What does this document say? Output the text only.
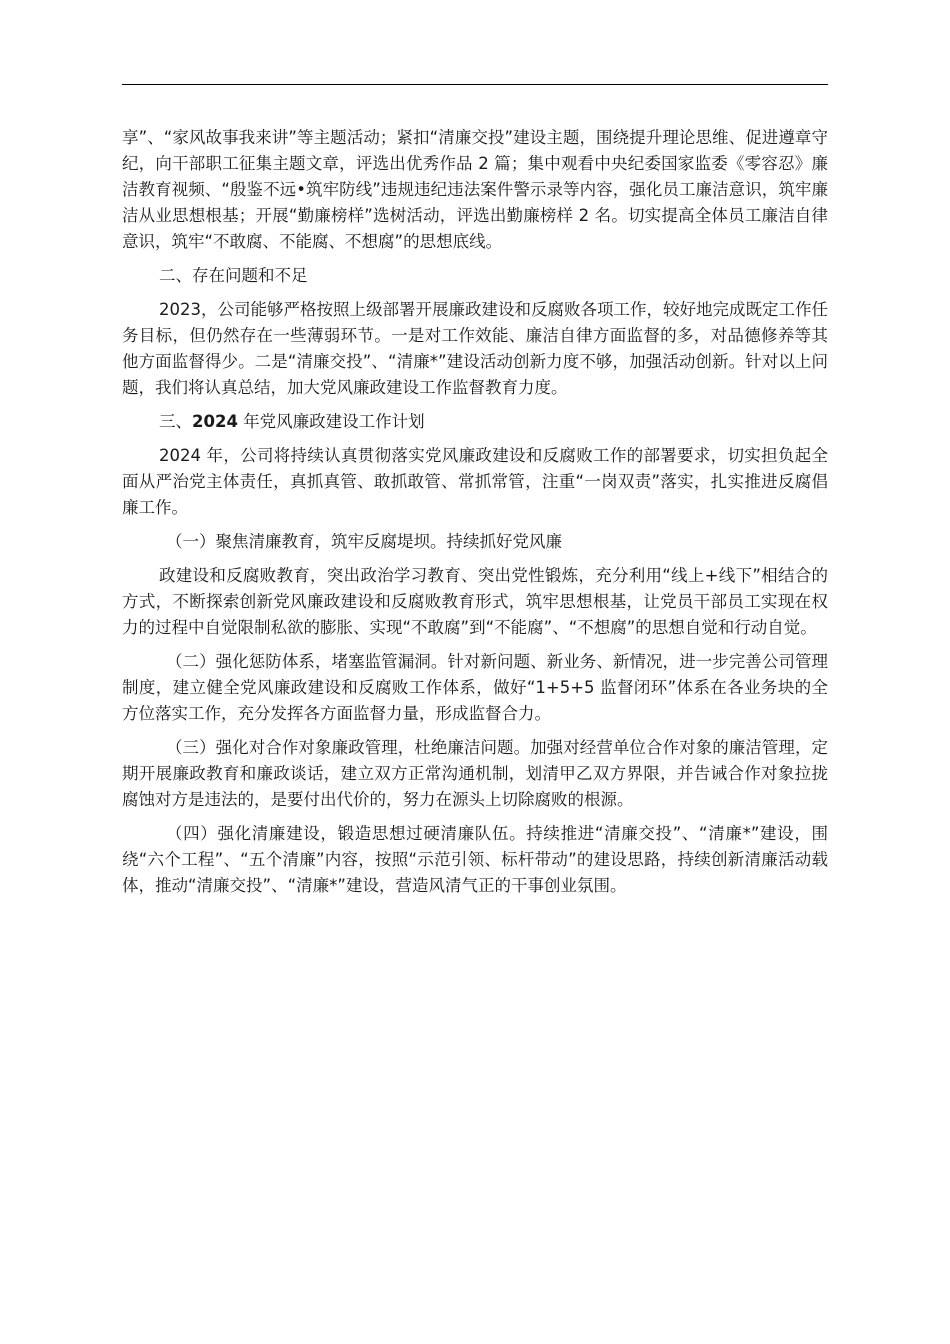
享”、“家风故事我来讲”等主题活动；紧扣“清廉交投”建设主题，围绕提升理论思维、促进遵章守纪，向干部职工征集主题文章，评选出优秀作品 2 篇；集中观看中央纪委国家监委《零容忍》廉洁教育视频、“殷鉴不远•筑牢防线”违规违纪违法案件警示录等内容，强化员工廉洁意识，筑牢廉洁从业思想根基；开展“勤廉榜样”选树活动，评选出勤廉榜样 2 名。切实提高全体员工廉洁自律意识，筑牢“不敢腐、不能腐、不想腐”的思想底线。

二、存在问题和不足

2023，公司能够严格按照上级部署开展廉政建设和反腐败各项工作，较好地完成既定工作任务目标，但仍然存在一些薄弱环节。一是对工作效能、廉洁自律方面监督的多，对品德修养等其他方面监督得少。二是“清廉交投”、“清廉*”建设活动创新力度不够，加强活动创新。针对以上问题，我们将认真总结，加大党风廉政建设工作监督教育力度。

三、2024 年党风廉政建设工作计划

2024 年，公司将持续认真贯彻落实党风廉政建设和反腐败工作的部署要求，切实担负起全面从严治党主体责任，真抓真管、敢抓敢管、常抓常管，注重“一岗双责”落实，扎实推进反腐倡廉工作。

（一）聚焦清廉教育，筑牢反腐堤坝。持续抓好党风廉

政建设和反腐败教育，突出政治学习教育、突出党性锻炼，充分利用“线上+线下”相结合的方式，不断探索创新党风廉政建设和反腐败教育形式，筑牢思想根基，让党员干部员工实现在权力的过程中自觉限制私欲的膨胀、实现“不敢腐”到“不能腐”、“不想腐”的思想自觉和行动自觉。

（二）强化惩防体系，堵塞监管漏洞。针对新问题、新业务、新情况，进一步完善公司管理制度，建立健全党风廉政建设和反腐败工作体系，做好“1+5+5 监督闭环”体系在各业务块的全方位落实工作，充分发挥各方面监督力量，形成监督合力。

（三）强化对合作对象廉政管理，杜绝廉洁问题。加强对经营单位合作对象的廉洁管理，定期开展廉政教育和廉政谈话，建立双方正常沟通机制，划清甲乙双方界限，并告诫合作对象拉拢腐蚀对方是违法的，是要付出代价的，努力在源头上切除腐败的根源。

（四）强化清廉建设，锻造思想过硬清廉队伍。持续推进“清廉交投”、“清廉*”建设，围绕“六个工程”、“五个清廉”内容，按照“示范引领、标杆带动”的建设思路，持续创新清廉活动载体，推动“清廉交投”、“清廉*”建设，营造风清气正的干事创业氛围。
